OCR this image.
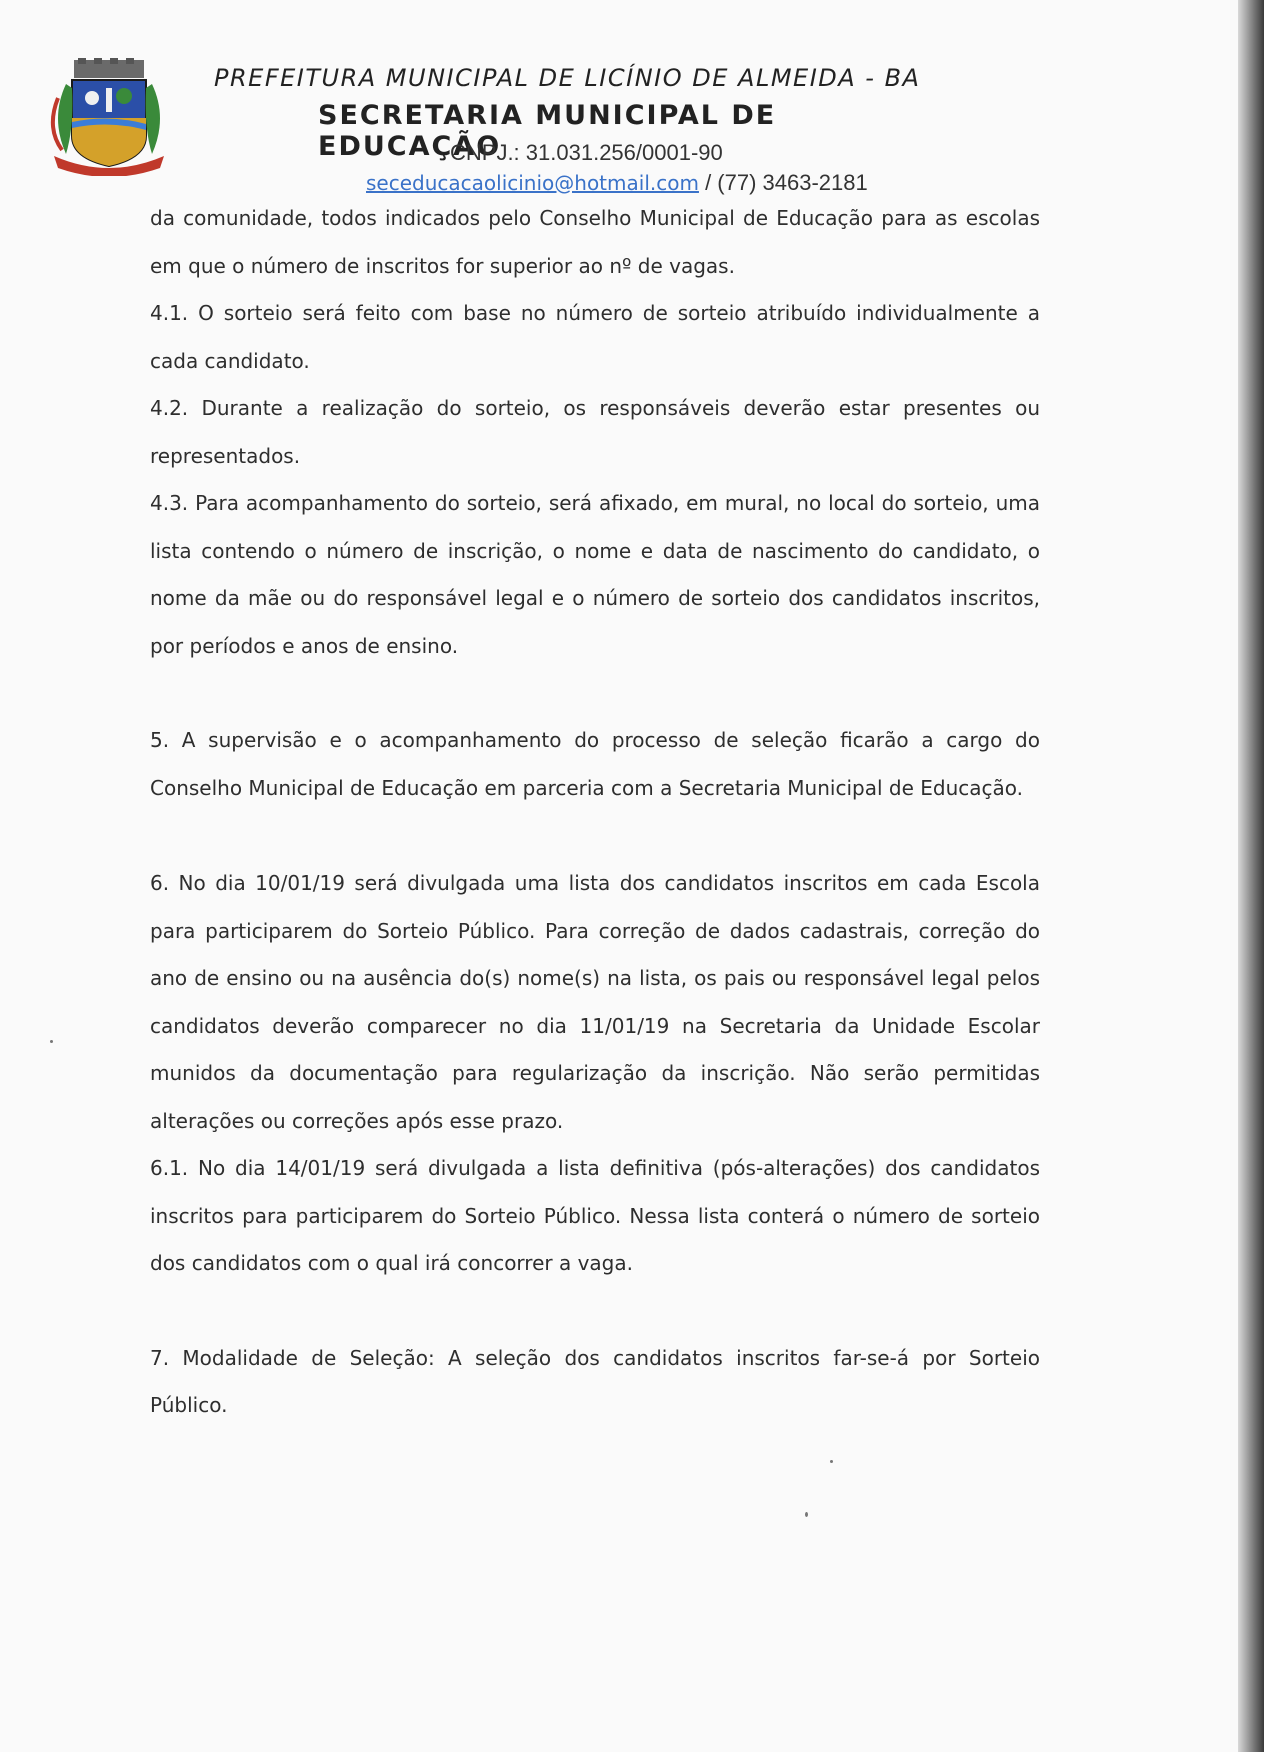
PREFEITURA MUNICIPAL DE LICÍNIO DE ALMEIDA - BA
SECRETARIA MUNICIPAL DE EDUCAÇÃO
CNPJ.: 31.031.256/0001-90
seceducacaolicinio@hotmail.com / (77) 3463-2181

da comunidade, todos indicados pelo Conselho Municipal de Educação para as escolas em que o número de inscritos for superior ao nº de vagas.

4.1. O sorteio será feito com base no número de sorteio atribuído individualmente a cada candidato.

4.2. Durante a realização do sorteio, os responsáveis deverão estar presentes ou representados.

4.3. Para acompanhamento do sorteio, será afixado, em mural, no local do sorteio, uma lista contendo o número de inscrição, o nome e data de nascimento do candidato, o nome da mãe ou do responsável legal e o número de sorteio dos candidatos inscritos, por períodos e anos de ensino.

5. A supervisão e o acompanhamento do processo de seleção ficarão a cargo do Conselho Municipal de Educação em parceria com a Secretaria Municipal de Educação.

6. No dia 10/01/19 será divulgada uma lista dos candidatos inscritos em cada Escola para participarem do Sorteio Público. Para correção de dados cadastrais, correção do ano de ensino ou na ausência do(s) nome(s) na lista, os pais ou responsável legal pelos candidatos deverão comparecer no dia 11/01/19 na Secretaria da Unidade Escolar munidos da documentação para regularização da inscrição. Não serão permitidas alterações ou correções após esse prazo.

6.1. No dia 14/01/19 será divulgada a lista definitiva (pós-alterações) dos candidatos inscritos para participarem do Sorteio Público. Nessa lista conterá o número de sorteio dos candidatos com o qual irá concorrer a vaga.

7. Modalidade de Seleção: A seleção dos candidatos inscritos far-se-á por Sorteio Público.
